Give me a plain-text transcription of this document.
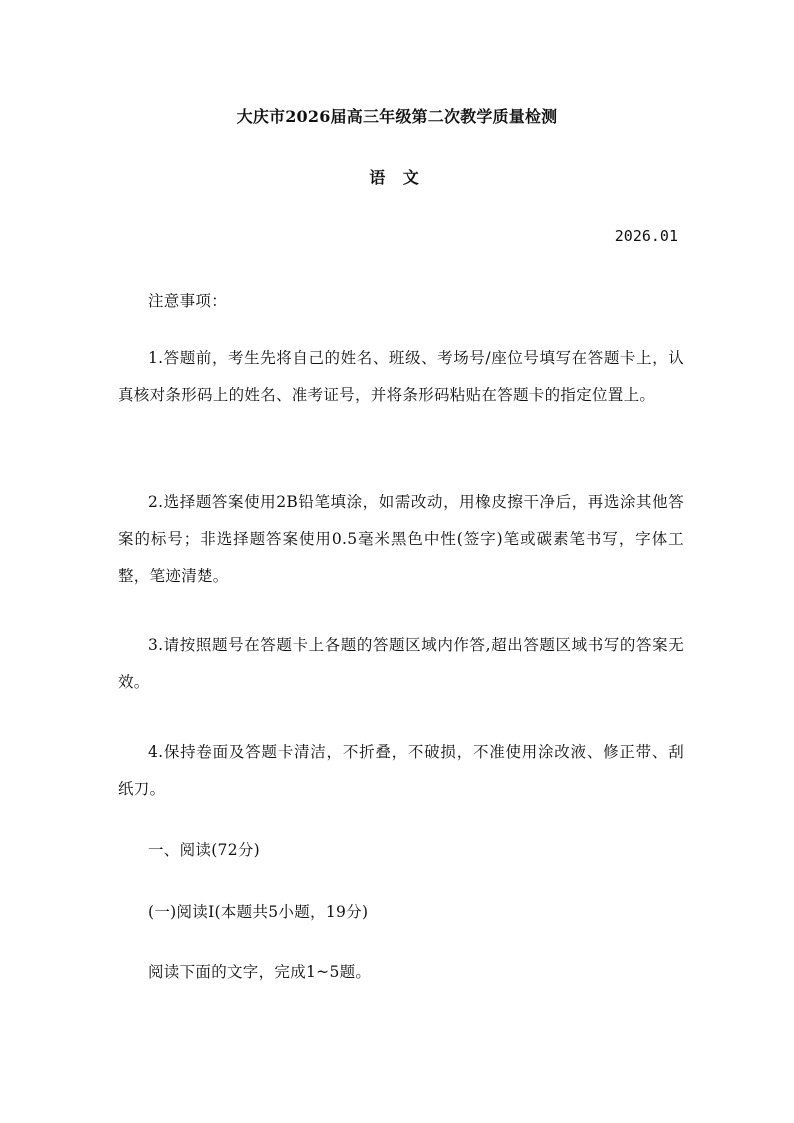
大庆市2026届高三年级第二次教学质量检测
语 文
2026.01
注意事项：
1.答题前，考生先将自己的姓名、班级、考场号/座位号填写在答题卡上，认真核对条形码上的姓名、准考证号，并将条形码粘贴在答题卡的指定位置上。
2.选择题答案使用2B铅笔填涂，如需改动，用橡皮擦干净后，再选涂其他答案的标号；非选择题答案使用0.5毫米黑色中性(签字)笔或碳素笔书写，字体工整，笔迹清楚。
3.请按照题号在答题卡上各题的答题区域内作答,超出答题区域书写的答案无效。
4.保持卷面及答题卡清洁，不折叠，不破损，不准使用涂改液、修正带、刮纸刀。
一、阅读(72分)
(一)阅读Ⅰ(本题共5小题，19分)
阅读下面的文字，完成1~5题。
